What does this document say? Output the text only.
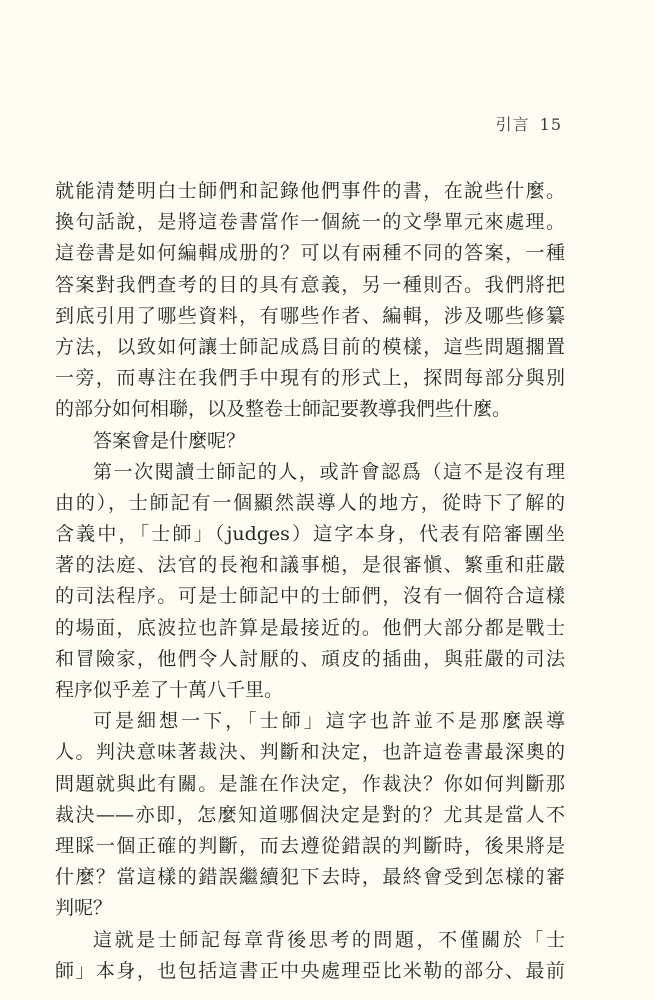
引言 15
就能清楚明白士師們和記錄他們事件的書，在說些什麼。
換句話說，是將這卷書當作一個統一的文學單元來處理。
這卷書是如何編輯成册的？可以有兩種不同的答案，一種
答案對我們查考的目的具有意義，另一種則否。我們將把
到底引用了哪些資料，有哪些作者、編輯，涉及哪些修纂
方法，以致如何讓士師記成爲目前的模樣，這些問題擱置
一旁，而專注在我們手中現有的形式上，探問每部分與別
的部分如何相聯，以及整卷士師記要教導我們些什麼。
答案會是什麼呢？
第一次閱讀士師記的人，或許會認爲（這不是沒有理
由的），士師記有一個顯然誤導人的地方，從時下了解的
含義中，「士師」（judges）這字本身，代表有陪審團坐
著的法庭、法官的長袍和議事槌，是很審愼、繁重和莊嚴
的司法程序。可是士師記中的士師們，沒有一個符合這樣
的場面，底波拉也許算是最接近的。他們大部分都是戰士
和冒險家，他們令人討厭的、頑皮的插曲，與莊嚴的司法
程序似乎差了十萬八千里。
可是細想一下，「士師」這字也許並不是那麼誤導
人。判決意味著裁決、判斷和決定，也許這卷書最深奧的
問題就與此有關。是誰在作決定，作裁決？你如何判斷那
裁決——亦即，怎麼知道哪個決定是對的？尤其是當人不
理睬一個正確的判斷，而去遵從錯誤的判斷時，後果將是
什麼？當這樣的錯誤繼續犯下去時，最終會受到怎樣的審
判呢？
這就是士師記每章背後思考的問題，不僅關於「士
師」本身，也包括這書正中央處理亞比米勒的部分、最前
